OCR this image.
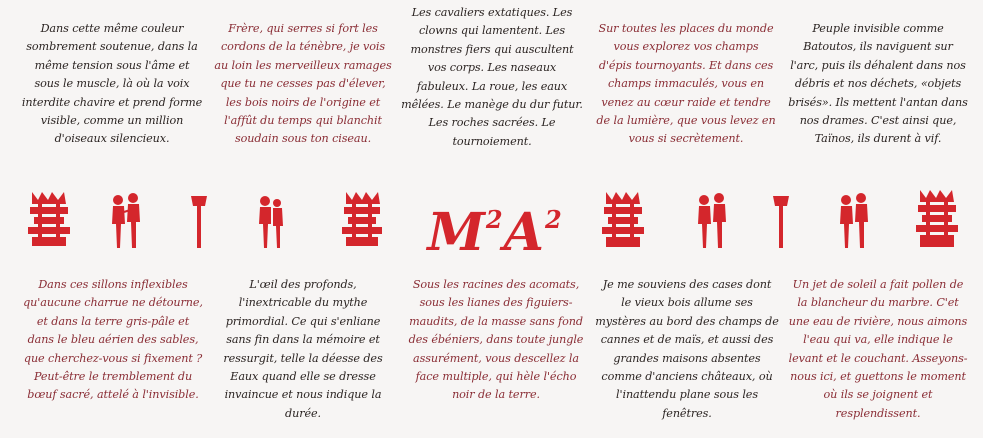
Dans cette même couleur
sombrement soutenue, dans la
même tension sous l'âme et
sous le muscle, là où la voix
interdite chavire et prend forme
visible, comme un million
d'oiseaux silencieux.
Frère, qui serres si fort les
cordons de la ténèbre, je vois
au loin les merveilleux ramages
que tu ne cesses pas d'élever,
les bois noirs de l'origine et
l'affût du temps qui blanchit
soudain sous ton ciseau.
Les cavaliers extatiques. Les
clowns qui lamentent. Les
monstres fiers qui auscultent
vos corps. Les naseaux
fabuleux. La roue, les eaux
mêlées. Le manège du dur futur.
Les roches sacrées. Le
tournoiement.
Sur toutes les places du monde
vous explorez vos champs
d'épis tournoyants. Et dans ces
champs immaculés, vous en
venez au cœur raide et tendre
de la lumière, que vous levez en
vous si secrètement.
Peuple invisible comme
Batoutos, ils naviguent sur
l'arc, puis ils déhalent dans nos
débris et nos déchets, «objets
brisés». Ils mettent l'antan dans
nos drames. C'est ainsi que,
Taïnos, ils durent à vif.
$M^2A^2$
Dans ces sillons inflexibles
qu'aucune charrue ne détourne,
et dans la terre gris-pâle et
dans le bleu aérien des sables,
que cherchez-vous si fixement ?
Peut-être le tremblement du
bœuf sacré, attelé à l'invisible.
L'œil des profonds,
l'inextricable du mythe
primordial. Ce qui s'enliane
sans fin dans la mémoire et
ressurgit, telle la déesse des
Eaux quand elle se dresse
invaincue et nous indique la
durée.
Sous les racines des acomats,
sous les lianes des figuiers-
maudits, de la masse sans fond
des ébéniers, dans toute jungle
assurément, vous descellez la
face multiple, qui hèle l'écho
noir de la terre.
Je me souviens des cases dont
le vieux bois allume ses
mystères au bord des champs de
cannes et de maïs, et aussi des
grandes maisons absentes
comme d'anciens châteaux, où
l'inattendu plane sous les
fenêtres.
Un jet de soleil a fait pollen de
la blancheur du marbre. C'et
une eau de rivière, nous aimons
l'eau qui va, elle indique le
levant et le couchant. Asseyons-
nous ici, et guettons le moment
où ils se joignent et
resplendissent.
